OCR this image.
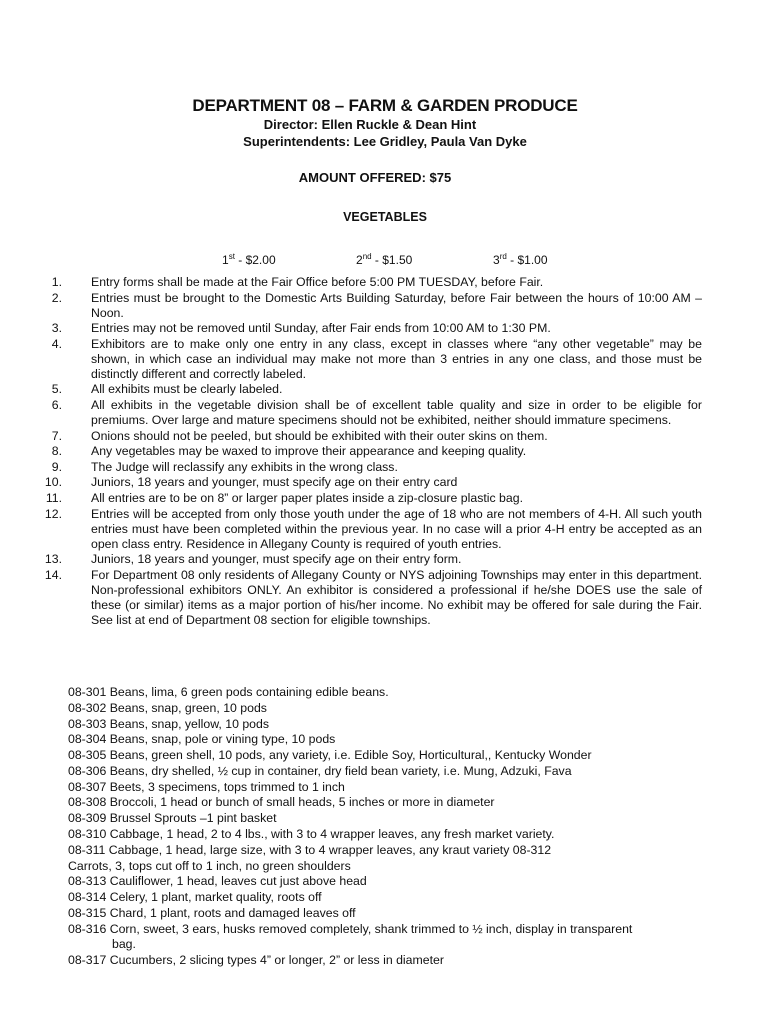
DEPARTMENT 08 – FARM & GARDEN PRODUCE
Director: Ellen Ruckle & Dean Hint
Superintendents: Lee Gridley, Paula Van Dyke
AMOUNT OFFERED: $75
VEGETABLES
1st - $2.00	2nd - $1.50	3rd - $1.00
1. Entry forms shall be made at the Fair Office before 5:00 PM TUESDAY, before Fair.
2. Entries must be brought to the Domestic Arts Building Saturday, before Fair between the hours of 10:00 AM – Noon.
3. Entries may not be removed until Sunday, after Fair ends from 10:00 AM to 1:30 PM.
4. Exhibitors are to make only one entry in any class, except in classes where “any other vegetable” may be shown, in which case an individual may make not more than 3 entries in any one class, and those must be distinctly different and correctly labeled.
5. All exhibits must be clearly labeled.
6. All exhibits in the vegetable division shall be of excellent table quality and size in order to be eligible for premiums. Over large and mature specimens should not be exhibited, neither should immature specimens.
7. Onions should not be peeled, but should be exhibited with their outer skins on them.
8. Any vegetables may be waxed to improve their appearance and keeping quality.
9. The Judge will reclassify any exhibits in the wrong class.
10. Juniors, 18 years and younger, must specify age on their entry card
11. All entries are to be on 8” or larger paper plates inside a zip-closure plastic bag.
12. Entries will be accepted from only those youth under the age of 18 who are not members of 4-H. All such youth entries must have been completed within the previous year. In no case will a prior 4-H entry be accepted as an open class entry. Residence in Allegany County is required of youth entries.
13. Juniors, 18 years and younger, must specify age on their entry form.
14. For Department 08 only residents of Allegany County or NYS adjoining Townships may enter in this department. Non-professional exhibitors ONLY. An exhibitor is considered a professional if he/she DOES use the sale of these (or similar) items as a major portion of his/her income. No exhibit may be offered for sale during the Fair. See list at end of Department 08 section for eligible townships.
08-301 Beans, lima, 6 green pods containing edible beans.
08-302 Beans, snap, green, 10 pods
08-303 Beans, snap, yellow, 10 pods
08-304 Beans, snap, pole or vining type, 10 pods
08-305 Beans, green shell, 10 pods, any variety, i.e. Edible Soy, Horticultural,, Kentucky Wonder
08-306 Beans, dry shelled, ½ cup in container, dry field bean variety, i.e. Mung, Adzuki, Fava
08-307 Beets, 3 specimens, tops trimmed to 1 inch
08-308 Broccoli, 1 head or bunch of small heads, 5 inches or more in diameter
08-309 Brussel Sprouts –1 pint basket
08-310 Cabbage, 1 head, 2 to 4 lbs., with 3 to 4 wrapper leaves, any fresh market variety.
08-311 Cabbage, 1 head, large size, with 3 to 4 wrapper leaves, any kraut variety 08-312
Carrots, 3, tops cut off to 1 inch, no green shoulders
08-313 Cauliflower, 1 head, leaves cut just above head
08-314 Celery, 1 plant, market quality, roots off
08-315 Chard, 1 plant, roots and damaged leaves off
08-316 Corn, sweet, 3 ears, husks removed completely, shank trimmed to ½ inch, display in transparent
bag.
08-317 Cucumbers, 2 slicing types 4” or longer, 2” or less in diameter
